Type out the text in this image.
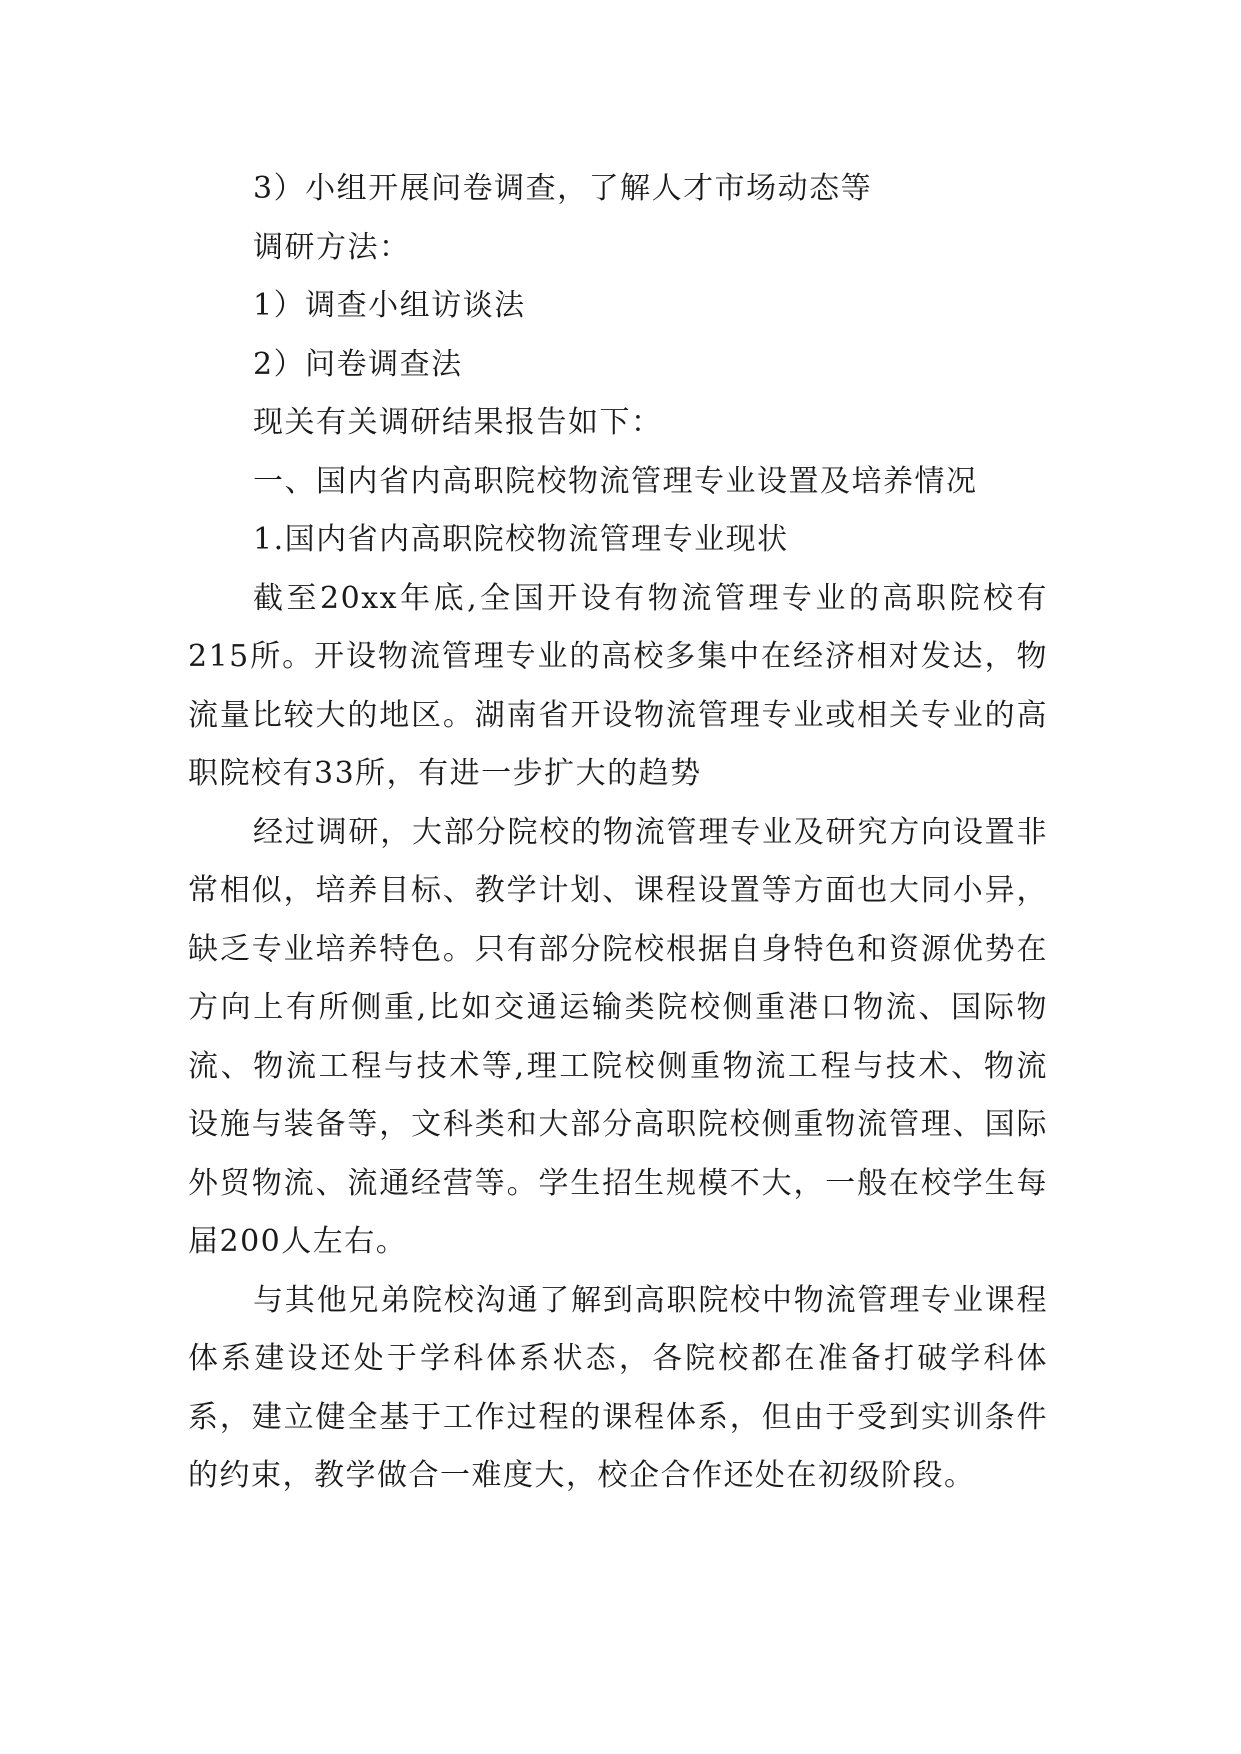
3）小组开展问卷调查，了解人才市场动态等

调研方法：

1）调查小组访谈法

2）问卷调查法

现关有关调研结果报告如下：

一、国内省内高职院校物流管理专业设置及培养情况

1.国内省内高职院校物流管理专业现状

截至20xx年底,全国开设有物流管理专业的高职院校有215所。开设物流管理专业的高校多集中在经济相对发达，物流量比较大的地区。湖南省开设物流管理专业或相关专业的高职院校有33所，有进一步扩大的趋势

经过调研，大部分院校的物流管理专业及研究方向设置非常相似，培养目标、教学计划、课程设置等方面也大同小异，缺乏专业培养特色。只有部分院校根据自身特色和资源优势在方向上有所侧重,比如交通运输类院校侧重港口物流、国际物流、物流工程与技术等,理工院校侧重物流工程与技术、物流设施与装备等，文科类和大部分高职院校侧重物流管理、国际外贸物流、流通经营等。学生招生规模不大，一般在校学生每届200人左右。

与其他兄弟院校沟通了解到高职院校中物流管理专业课程体系建设还处于学科体系状态，各院校都在准备打破学科体系，建立健全基于工作过程的课程体系，但由于受到实训条件的约束，教学做合一难度大，校企合作还处在初级阶段。
